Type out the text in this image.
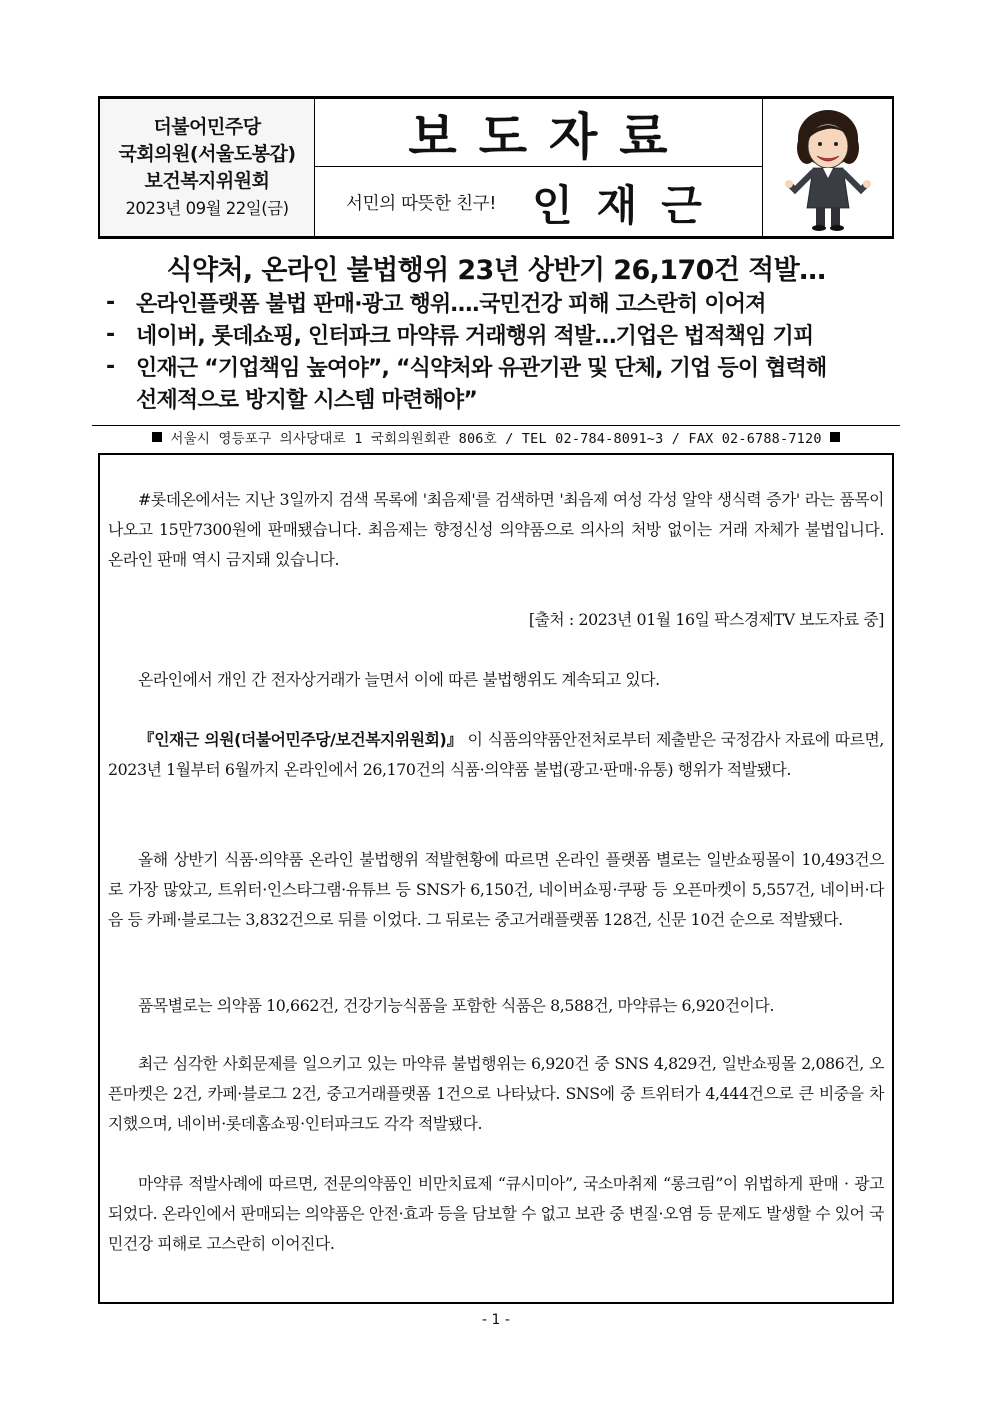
더불어민주당
국회의원(서울도봉갑)
보건복지위원회
2023년 09월 22일(금)
보도자료
서민의 따뜻한 친구! 인재근
식약처, 온라인 불법행위 23년 상반기 26,170건 적발…
- 온라인플랫폼 불법 판매·광고 행위….국민건강 피해 고스란히 이어져
- 네이버, 롯데쇼핑, 인터파크 마약류 거래행위 적발…기업은 법적책임 기피
- 인재근 “기업책임 높여야”, “식약처와 유관기관 및 단체, 기업 등이 협력해
선제적으로 방지할 시스템 마련해야”
서울시 영등포구 의사당대로 1 국회의원회관 806호 / TEL 02-784-8091~3 / FAX 02-6788-7120
#롯데온에서는 지난 3일까지 검색 목록에 '최음제'를 검색하면 '최음제 여성 각성 알약 생식력 증가' 라는 품목이 나오고 15만7300원에 판매됐습니다. 최음제는 향정신성 의약품으로 의사의 처방 없이는 거래 자체가 불법입니다. 온라인 판매 역시 금지돼 있습니다.
[출처 : 2023년 01월 16일 팍스경제TV 보도자료 중]
온라인에서 개인 간 전자상거래가 늘면서 이에 따른 불법행위도 계속되고 있다.
『인재근 의원(더불어민주당/보건복지위원회)』 이 식품의약품안전처로부터 제출받은 국정감사 자료에 따르면, 2023년 1월부터 6월까지 온라인에서 26,170건의 식품·의약품 불법(광고·판매·유통) 행위가 적발됐다.
올해 상반기 식품·의약품 온라인 불법행위 적발현황에 따르면 온라인 플랫폼 별로는 일반쇼핑몰이 10,493건으로 가장 많았고, 트위터·인스타그램·유튜브 등 SNS가 6,150건, 네이버쇼핑·쿠팡 등 오픈마켓이 5,557건, 네이버·다음 등 카페·블로그는 3,832건으로 뒤를 이었다. 그 뒤로는 중고거래플랫폼 128건, 신문 10건 순으로 적발됐다.
품목별로는 의약품 10,662건, 건강기능식품을 포함한 식품은 8,588건, 마약류는 6,920건이다.
최근 심각한 사회문제를 일으키고 있는 마약류 불법행위는 6,920건 중 SNS 4,829건, 일반쇼핑몰 2,086건, 오픈마켓은 2건, 카페·블로그 2건, 중고거래플랫폼 1건으로 나타났다. SNS에 중 트위터가 4,444건으로 큰 비중을 차지했으며, 네이버·롯데홈쇼핑·인터파크도 각각 적발됐다.
마약류 적발사례에 따르면, 전문의약품인 비만치료제 “큐시미아”, 국소마취제 “롱크림”이 위법하게 판매 · 광고되었다. 온라인에서 판매되는 의약품은 안전·효과 등을 담보할 수 없고 보관 중 변질·오염 등 문제도 발생할 수 있어 국민건강 피해로 고스란히 이어진다.
- 1 -
